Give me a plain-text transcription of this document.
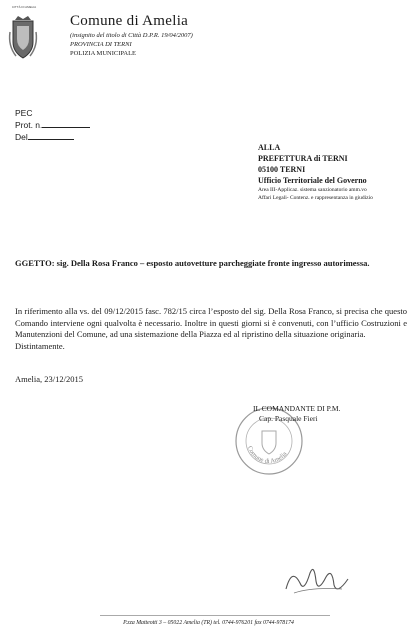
CITTÀ DI AMELIA
Comune di Amelia
(insignito del titolo di Città D.P.R. 19/04/2007)
PROVINCIA DI TERNI
POLIZIA MUNICIPALE
PEC
Prot. n.
Del
ALLA
PREFETTURA di TERNI
05100 TERNI
Ufficio Territoriale del Governo
Area III-Applicaz. sistema sanzionatorio amm.vo
Affari Legali- Contenz. e rappresentanza in giudizio
GGETTO: sig. Della Rosa Franco – esposto autovetture parcheggiate fronte ingresso autorimessa.
In riferimento alla vs. del 09/12/2015 fasc. 782/15 circa l’esposto del sig. Della Rosa Franco, si precisa che questo Comando interviene ogni qualvolta è necessario. Inoltre in questi giorni si è convenuti, con l’ufficio Costruzioni e Manutenzioni del Comune, ad una sistemazione della Piazza ed al ripristino della situazione originaria.
Distintamente.
Amelia, 23/12/2015
Comune di Amelia
IL COMANDANTE DI P.M.
Cap. Pasquale Fieri
P.zza Matteotti 3 – 05022 Amelia (TR) tel. 0744-976201 fax 0744-978174
